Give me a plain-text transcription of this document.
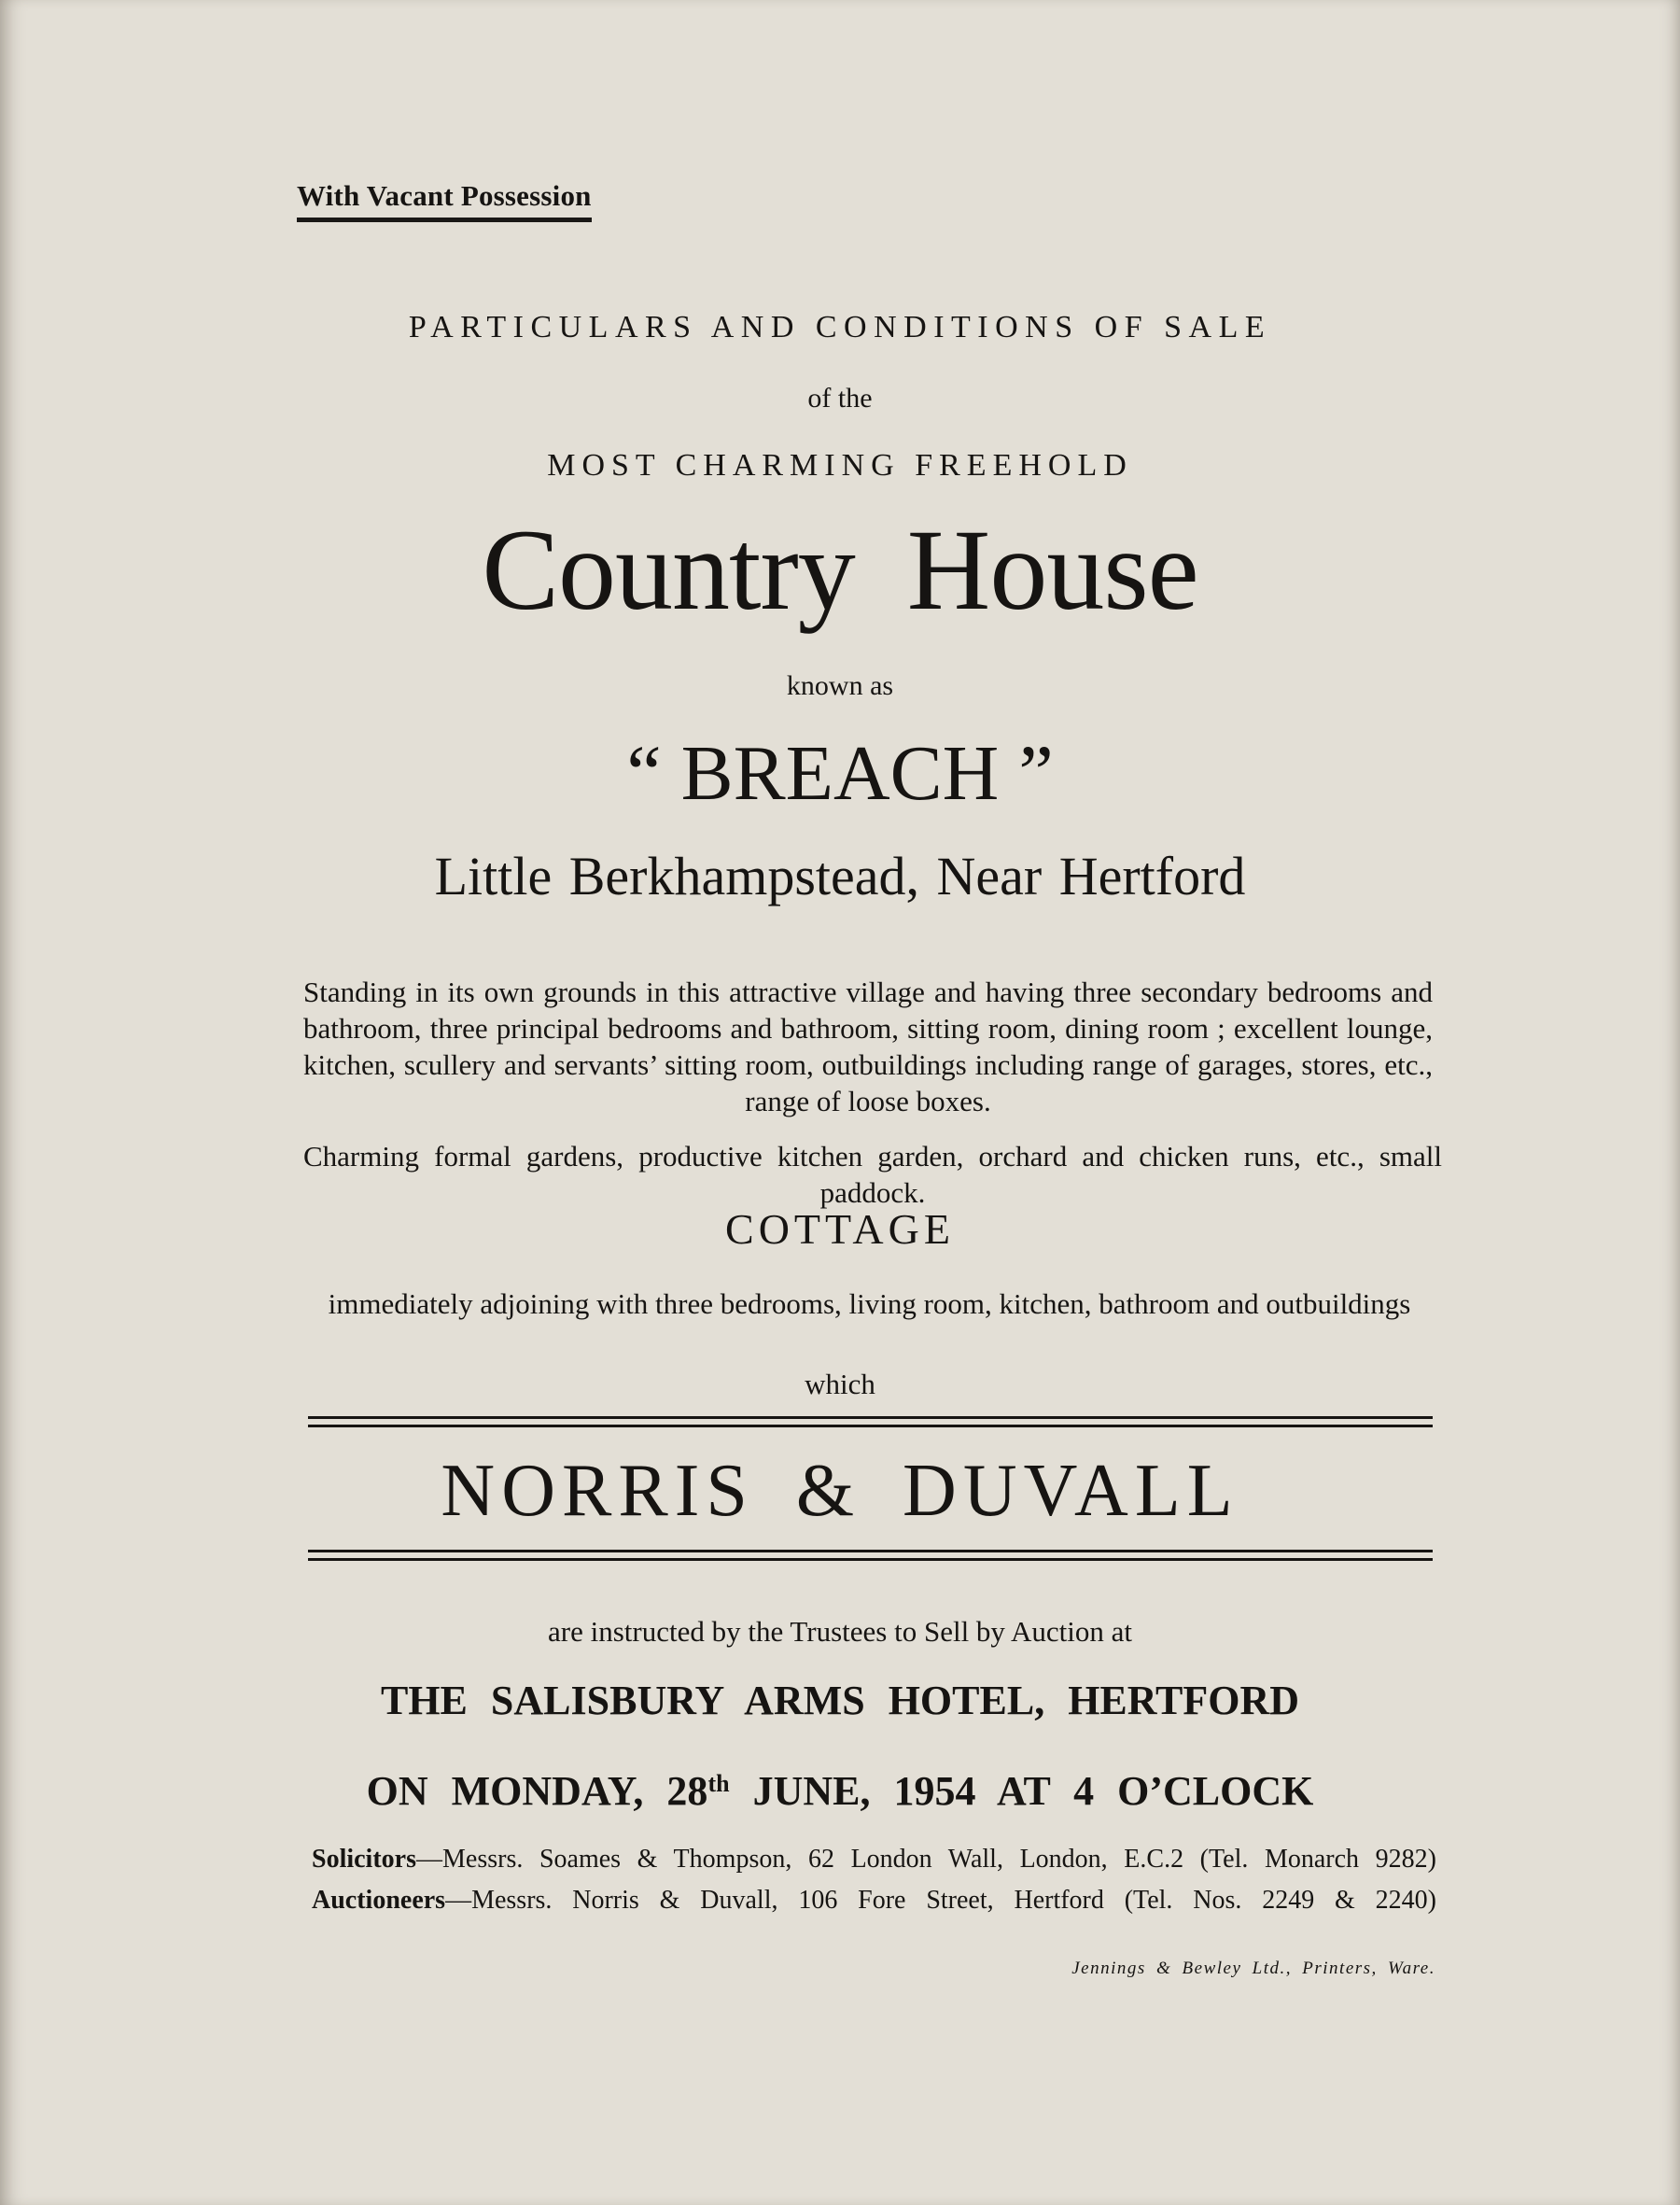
With Vacant Possession

PARTICULARS AND CONDITIONS OF SALE

of the

MOST CHARMING FREEHOLD

Country House

known as

“ BREACH ”

Little Berkhampstead, Near Hertford

Standing in its own grounds in this attractive village and having three secondary bedrooms and bathroom, three principal bedrooms and bathroom, sitting room, dining room ; excellent lounge, kitchen, scullery and servants’ sitting room, outbuildings including range of garages, stores, etc., range of loose boxes.

Charming formal gardens, productive kitchen garden, orchard and chicken runs, etc., small paddock.

COTTAGE

immediately adjoining with three bedrooms, living room, kitchen, bathroom and outbuildings

which

NORRIS & DUVALL

are instructed by the Trustees to Sell by Auction at

THE SALISBURY ARMS HOTEL, HERTFORD

ON MONDAY, 28th JUNE, 1954 AT 4 O’CLOCK

Solicitors—Messrs. Soames & Thompson, 62 London Wall, London, E.C.2 (Tel. Monarch 9282)
Auctioneers—Messrs. Norris & Duvall, 106 Fore Street, Hertford (Tel. Nos. 2249 & 2240)
Jennings & Bewley Ltd., Printers, Ware.
